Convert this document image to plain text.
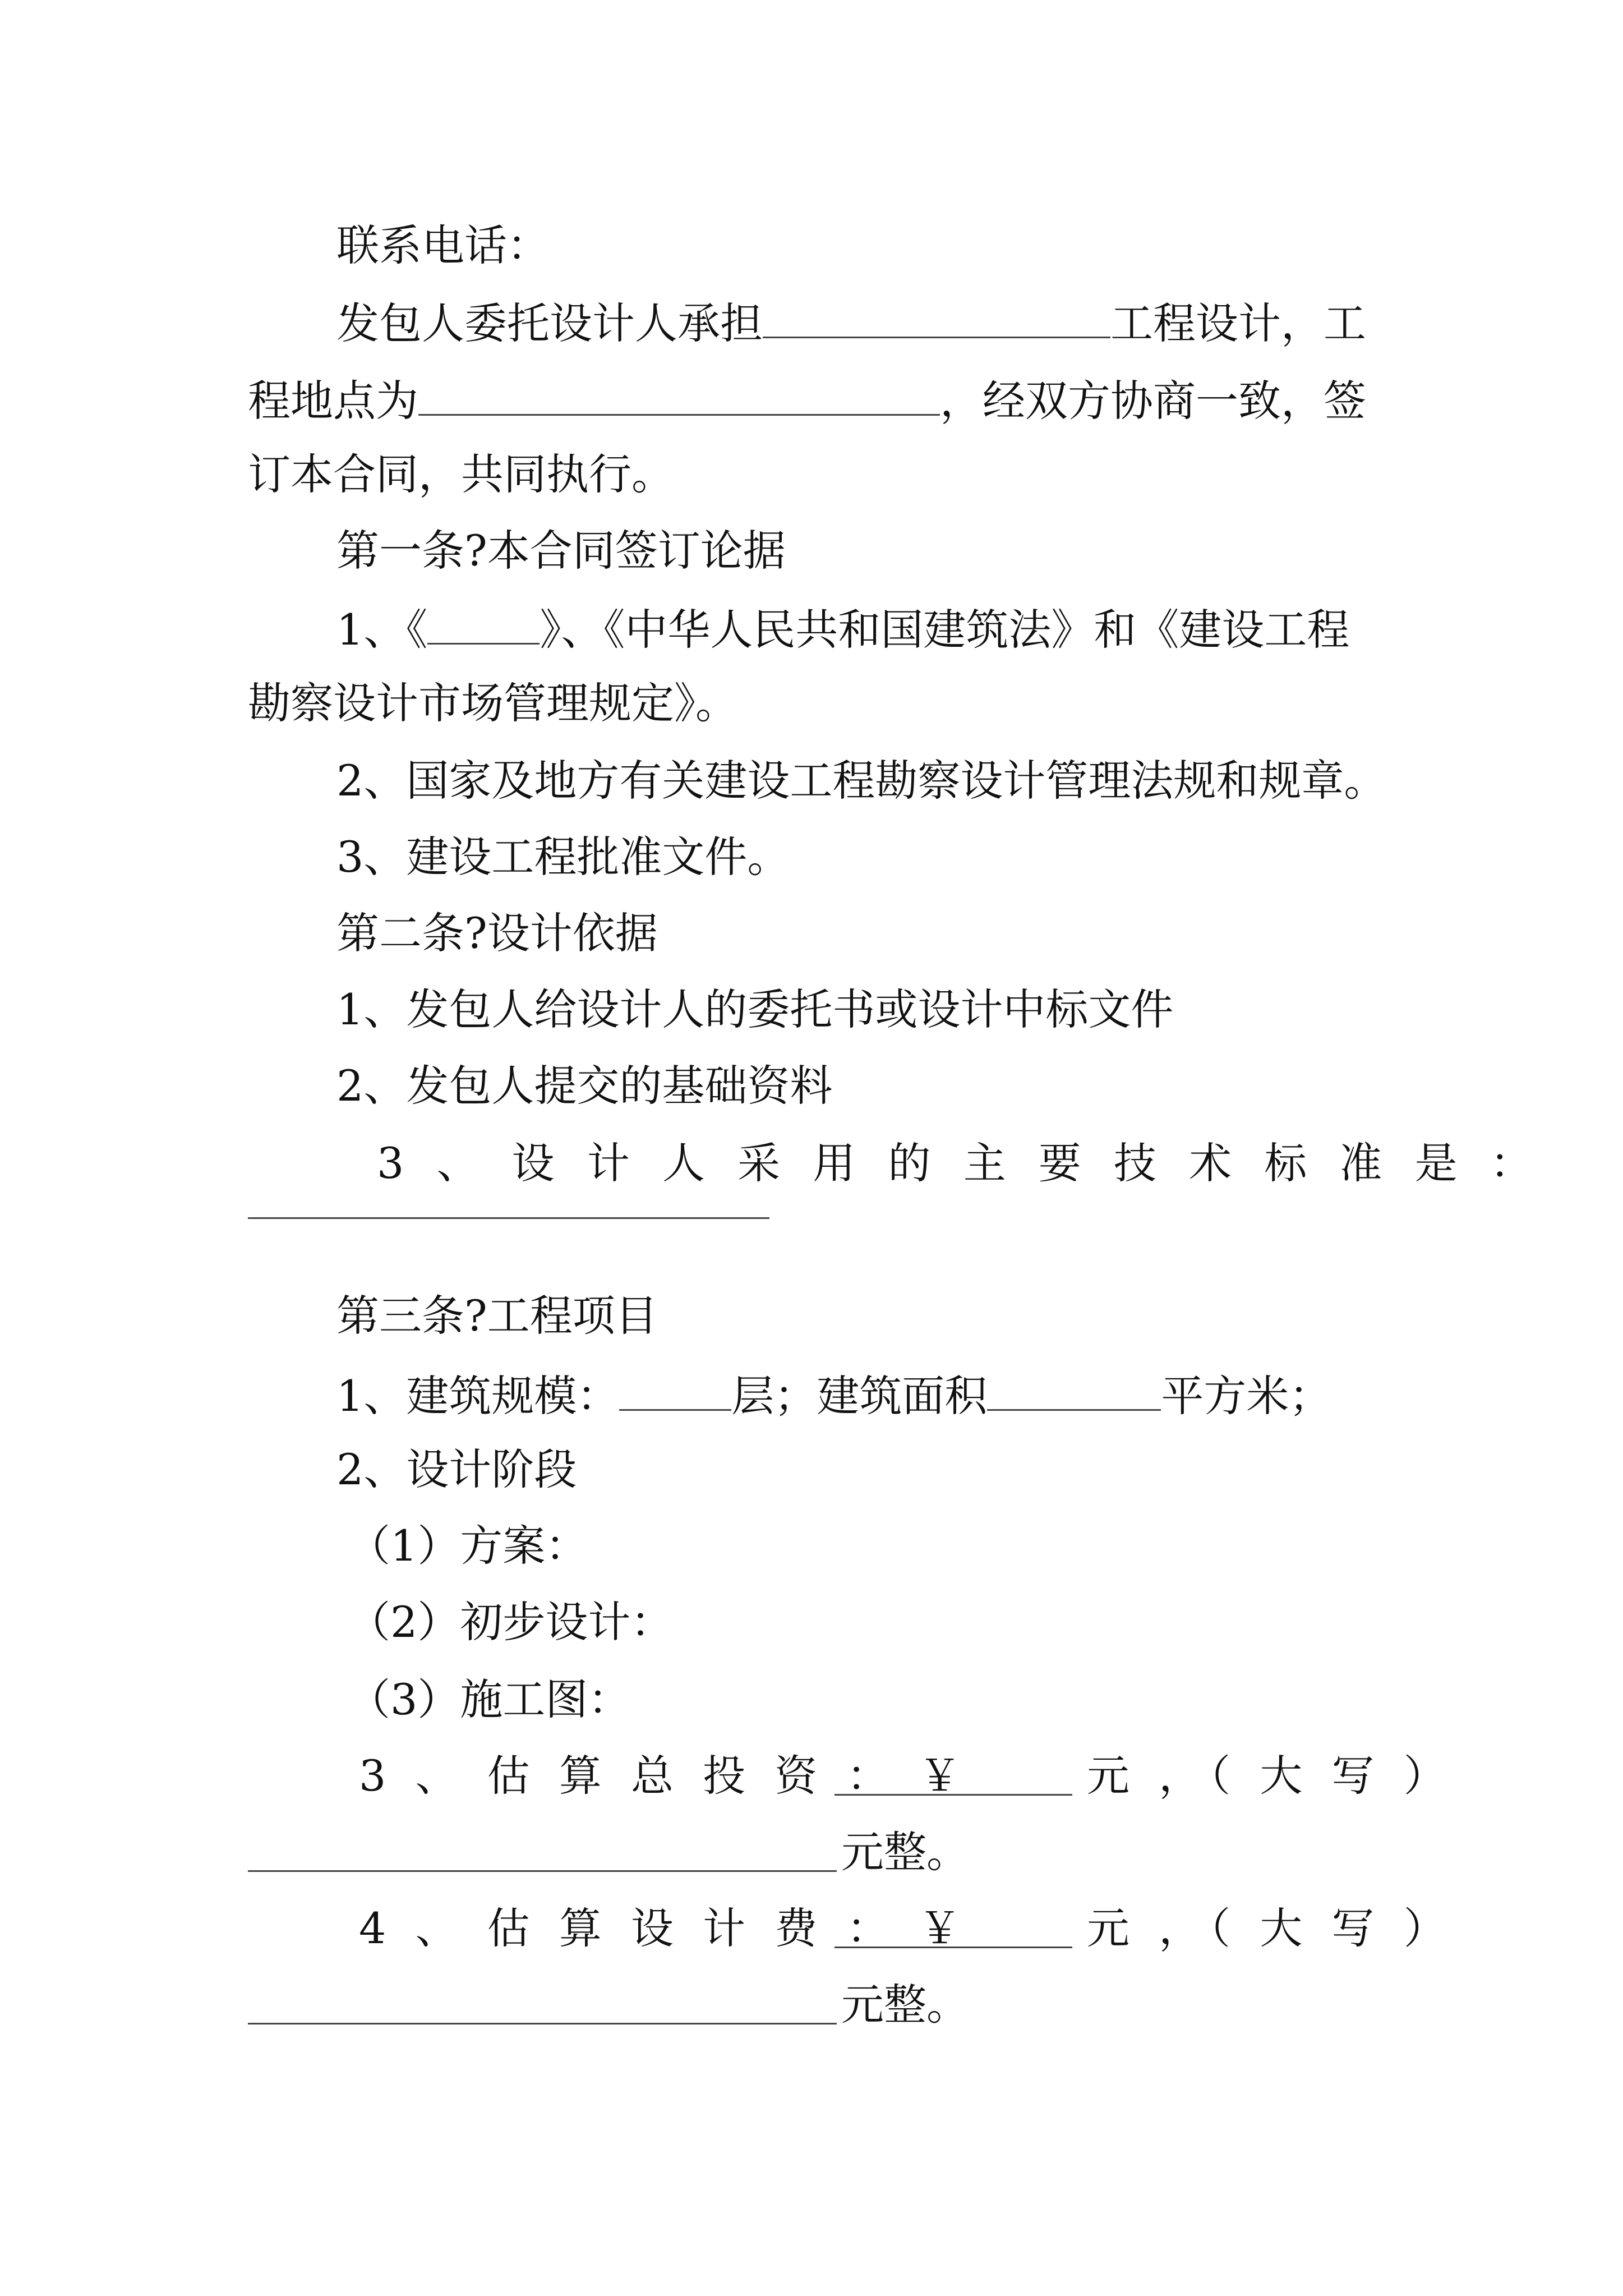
联系电话：
发包人委托设计人承担	工程设计，工
程地点为	，经双方协商一致，签
订本合同，共同执行。
第一条?本合同签订论据
1、《	》、《中华人民共和国建筑法》和《建设工程
勘察设计市场管理规定》。
2、国家及地方有关建设工程勘察设计管理法规和规章。
3、建设工程批准文件。
第二条?设计依据
1、发包人给设计人的委托书或设计中标文件
2、发包人提交的基础资料
3 、 设 计 人 采 用 的 主 要 技 术 标 准 是 ：
第三条?工程项目
1、建筑规模：	层；建筑面积	平方米；
2、设计阶段
（1）方案：
（2）初步设计：
（3）施工图：
3 、 估 算 总 投 资 ： ￥	元 ，（ 大 写 ）
元整。
4 、 估 算 设 计 费 ： ￥	元 ，（ 大 写 ）
元整。
